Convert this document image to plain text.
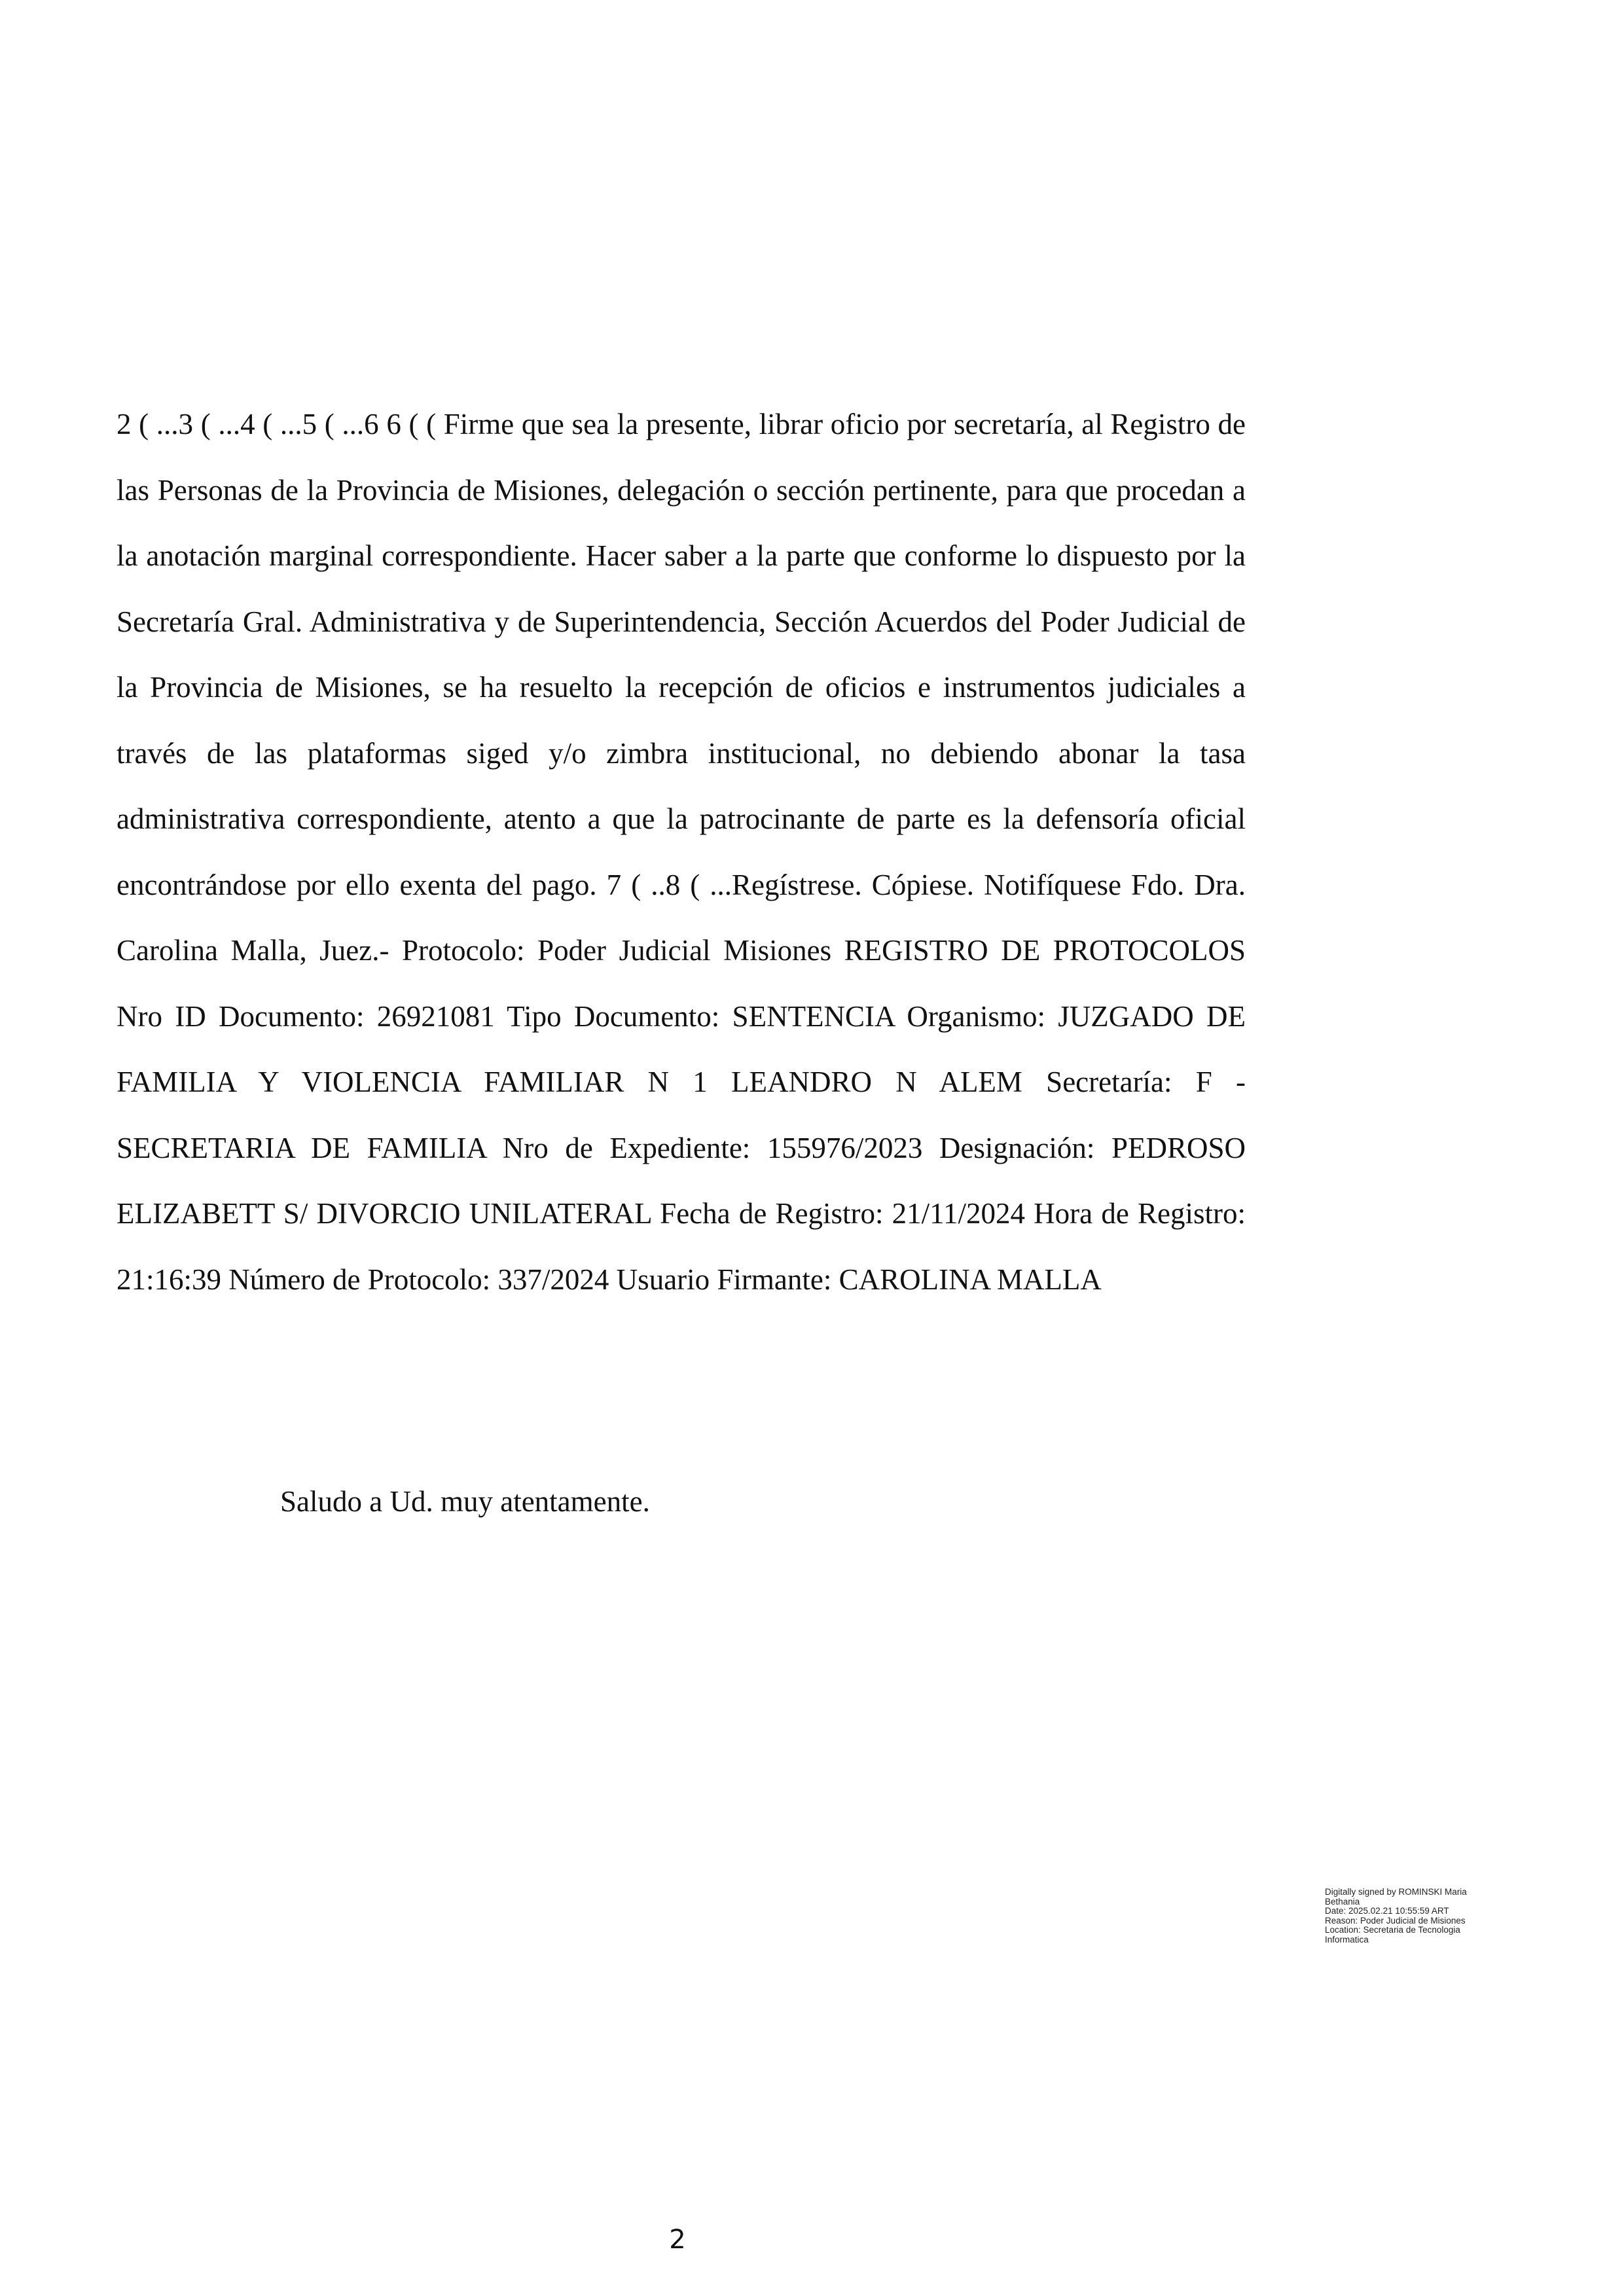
2 ( ...3 ( ...4 ( ...5 ( ...6 6 ( ( Firme que sea la presente, librar oficio por secretaría, al Registro de las Personas de la Provincia de Misiones, delegación o sección pertinente, para que procedan a la anotación marginal correspondiente. Hacer saber a la parte que conforme lo dispuesto por la Secretaría Gral. Administrativa y de Superintendencia, Sección Acuerdos del Poder Judicial de la Provincia de Misiones, se ha resuelto la recepción de oficios e instrumentos judiciales a través de las plataformas siged y/o zimbra institucional, no debiendo abonar la tasa administrativa correspondiente, atento a que la patrocinante de parte es la defensoría oficial encontrándose por ello exenta del pago. 7 ( ..8 ( ...Regístrese. Cópiese. Notifíquese Fdo. Dra. Carolina Malla, Juez.- Protocolo: Poder Judicial Misiones REGISTRO DE PROTOCOLOS Nro ID Documento: 26921081 Tipo Documento: SENTENCIA Organismo: JUZGADO DE FAMILIA Y VIOLENCIA FAMILIAR N 1 LEANDRO N ALEM Secretaría: F - SECRETARIA DE FAMILIA Nro de Expediente: 155976/2023 Designación: PEDROSO ELIZABETT S/ DIVORCIO UNILATERAL Fecha de Registro: 21/11/2024 Hora de Registro: 21:16:39 Número de Protocolo: 337/2024 Usuario Firmante: CAROLINA MALLA

Saludo a Ud. muy atentamente.

Digitally signed by ROMINSKI Maria
Bethania
Date: 2025.02.21 10:55:59 ART
Reason: Poder Judicial de Misiones
Location: Secretaria de Tecnologia
Informatica
2
